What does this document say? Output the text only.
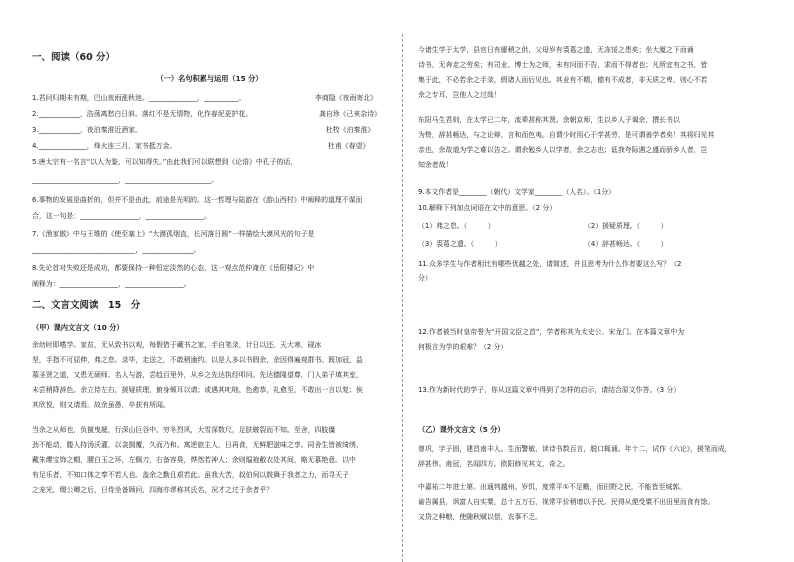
一、阅读（60 分）
（一）名句积累与运用（15 分）
1.君问归期未有期，巴山夜雨涨秋池。______________，__________。	李商隐《夜雨寄北》
2.____________，浩荡离愁白日斜。落红不是无情物，化作春泥更护花。	龚自珍《己亥杂诗》
3.____________，夜泊秦淮近酒家。	杜牧《泊秦淮》
4.______________，烽火连三月，家书抵万金。	杜甫《春望》
5.唐太宗有一名言“以人为鉴，可以知得失。”由此我们可以联想到《论语》中孔子的话，
_________________________，_________________________。
6.事物的发展是曲折的，但并不是由此，前途是光明的。这一哲理与陆游在《游山西村》中阐释的道理不谋而
合，这一句是：_________________，_________________。
7.《渔家傲》中与王维的《使至塞上》“大漠孤烟直，长河落日圆”一样描绘大漠风光的句子是
______________________________，_______________。
8.先论首对失败还是成功，都要保持一种恒定淡然的心态，这一观点范仲淹在《岳阳楼记》中
阐释为：_________________，_________________。
二、文言文阅读　15　分
（甲）课内文言文（10 分）
余幼时即嗜学。家贫，无从致书以观，每假借于藏书之家，手自笔录，计日以还。天大寒，砚冰
坚，手指不可屈伸，弗之怠。录毕，走送之，不敢稍逾约。以是人多以书假余，余因得遍观群书。既加冠，益
慕圣贤之道，又患无硕师、名人与游，尝趋百里外，从乡之先达执经叩问。先达德隆望尊，门人弟子填其室，
未尝稍降辞色。余立侍左右，援疑质理，俯身倾耳以请；或遇其叱咄，色愈恭，礼愈至，不敢出一言以复；俟
其欣悦，则又请焉。故余虽愚，卒获有所闻。
当余之从师也，负箧曳屣，行深山巨谷中。穷冬烈风，大雪深数尺，足肤皲裂而不知。至舍，四肢僵
劲不能动，媵人持汤沃灌，以衾拥覆，久而乃和。寓逆旅主人，日再食，无鲜肥滋味之享。同舍生皆被绮绣，
戴朱缨宝饰之帽，腰白玉之环，左佩刀，右备容臭，烨然若神人；余则缊袍敝衣处其间，略无慕艳意。以中
有足乐者，不知口体之奉不若人也。盖余之勤且艰若此。虽我大苦，叔伯伺以鼓舞于我者之力，而寻天子
之宠光，缀公卿之后，日侍坐备顾问，四海亦谬称其氏名，况才之过于余者乎？
今诸生学于太学，县官日有廪稍之供，父母岁有裘葛之遗，无冻馁之患矣；坐大厦之下而诵
诗书，无奔走之劳矣；有司业、博士为之师，未有问而不告，求而不得者也；凡所宜有之书，皆
集于此，不必若余之手录，假诸人而后见也。其业有不精，德有不成者，非天质之卑，则心不若
余之专耳，岂他人之过哉！
东阳马生君则，在太学已二年，流辈甚称其贤。余朝京师，生以乡人子谒余，撰长书以
为贽，辞甚畅达，与之论辩，言和而色夷。自谓少时用心于学甚劳，是可谓善学者矣！其将归见其
亲也，余故道为学之难以告之。谓余勉乡人以学者，余之志也；诋我夸际遇之盛而骄乡人者，岂
知余者哉！
9.本文作者是________（朝代）文学家________（人名）。（1分）
10.解释下列加点词语在文中的意思。（2 分）
（1）弗之怠。（　　　）	（2）援疑质理。（　　　）
（3）裘葛之遗。（　　　）	（4）辞甚畅达。（　　　）
11.众多学生与作者相比有哪些优越之处，请简述，并且思考为什么作者要这么写？（2
分）
12.作者被当时皇帝誉为“开国文臣之首”，学者称其为太史公、宋龙门。在本篇文章中为
何极言为学的艰难？（2 分）
13.作为新时代的学子，你从这篇文章中得到了怎样的启示，请结合原文作答。（3 分）
（乙）课外文言文（5 分）
曾巩，字子固，建昌南丰人。生而警敏，读诗书数百言，脱口辄诵。年十二，试作《六论》，援笔而成，
辞甚伟。甫冠，名闻四方。欧阳修见其文，奇之。
中嘉祐二年进士第。出通判越州。岁饥，度常平①不足赡，而田野之民，不能皆至城郭。
谕告属县，讽富人自实粟，总十五万石，视常平价稍增以予民。民得从便受粟不出田里而食有馀。
又贷之种粮，使随秋赋以偿，农事不乏。
